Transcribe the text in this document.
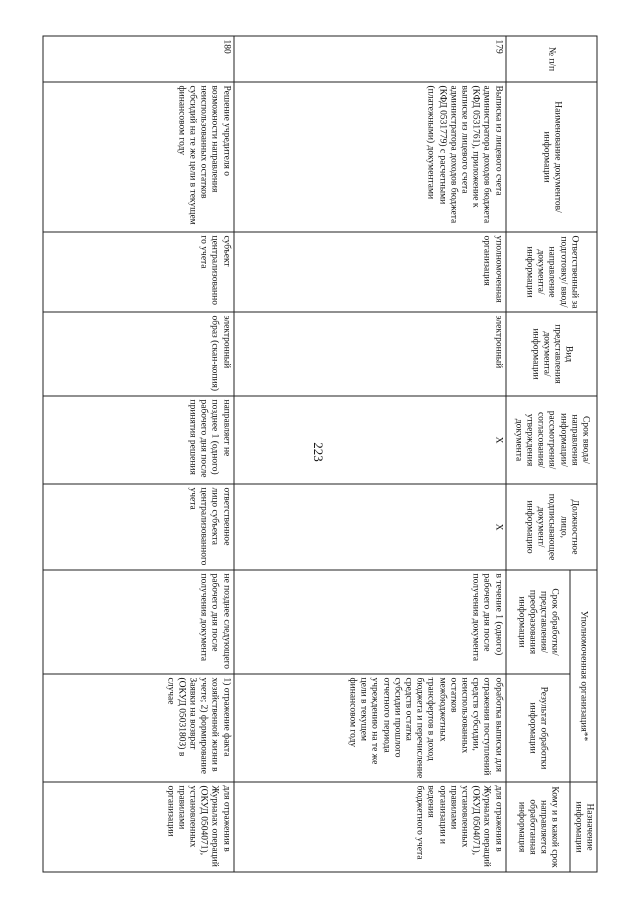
223
№ п/п	Наименование документов/информации	Ответственный за подготовку/ ввод/ направление документа/ информации	Вид представления документа/ информации	Срок ввода/ направления информации/ рассмотрения/ согласования/ утверждения документа	Должностное лицо, подписывающее документ/ информацию	Уполномоченная организация**		Назначение информации
						Срок обработки/ представления/ преобразования информации	Результат обработки информации	Кому и в какой срок направляется обработанная информация
179	Выписка из лицевого счета администратора доходов бюджета (КФД 0531761), приложение к выписке из лицевого счета администратора доходов бюджета (КФД 0531779) с расчетными (платежными) документами	уполномоченная организация	электронный	X	X	в течение 1 (одного) рабочего дня после получения документа	обработка выписки для отражения поступлений средств субсидии, неиспользованных остатков межбюджетных трансфертов в доход бюджета и перечисление средств остатка субсидии прошлого отчетного периода учреждению на те же цели в текущем финансовом году	для отражения в Журналах операций (ОКУД 0504071), установленных правилами организации и ведения бюджетного учета
180	Решение учредителя о возможности направления неиспользованных остатков субсидий на те же цели в текущем финансовом году	субъект централизованного учета	электронный образ (скан-копия)	направляет не позднее 1 (одного) рабочего дня после принятия решения	ответственное лицо субъекта централизованного учета	не позднее следующего рабочего дня после получения документа	1) отражение факта хозяйственной жизни в учете; 2) формирование Заявки на возврат (ОКУД 0503180З) в случае	для отражения в Журналах операций (ОКУД 0504071), установленных правилами организации
